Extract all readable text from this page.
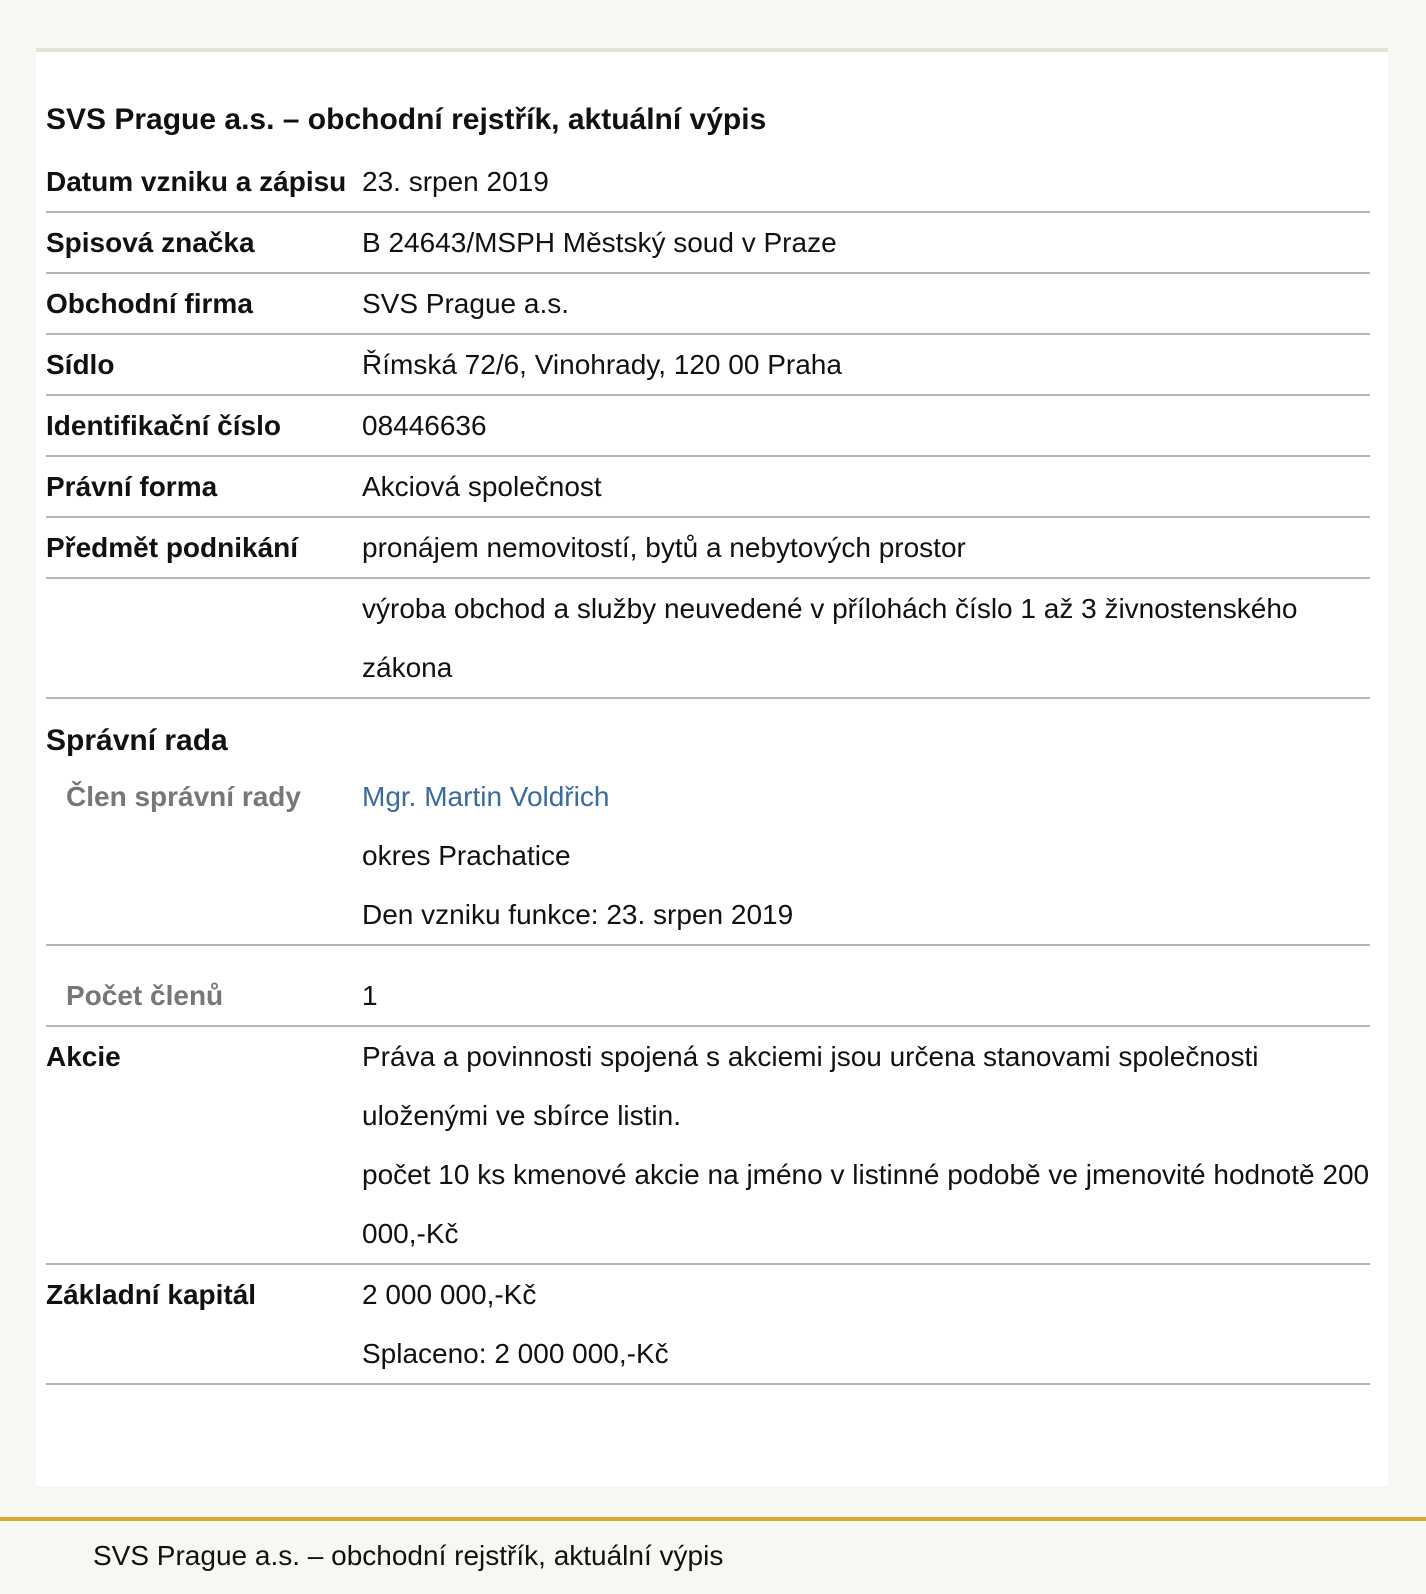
SVS Prague a.s. – obchodní rejstřík, aktuální výpis
Datum vzniku a zápisu 23. srpen 2019
Spisová značka	B 24643/MSPH Městský soud v Praze
Obchodní firma	SVS Prague a.s.
Sídlo	Římská 72/6, Vinohrady, 120 00 Praha
Identifikační číslo	08446636
Právní forma	Akciová společnost
Předmět podnikání	pronájem nemovitostí, bytů a nebytových prostor
výroba obchod a služby neuvedené v přílohách číslo 1 až 3 živnostenského zákona
Správní rada
Člen správní rady	Mgr. Martin Voldřich
okres Prachatice
Den vzniku funkce: 23. srpen 2019
Počet členů	1
Akcie	Práva a povinnosti spojená s akciemi jsou určena stanovami společnosti uloženými ve sbírce listin.
počet 10 ks kmenové akcie na jméno v listinné podobě ve jmenovité hodnotě 200 000,-Kč
Základní kapitál	2 000 000,-Kč
Splaceno: 2 000 000,-Kč
SVS Prague a.s. – obchodní rejstřík, aktuální výpis
